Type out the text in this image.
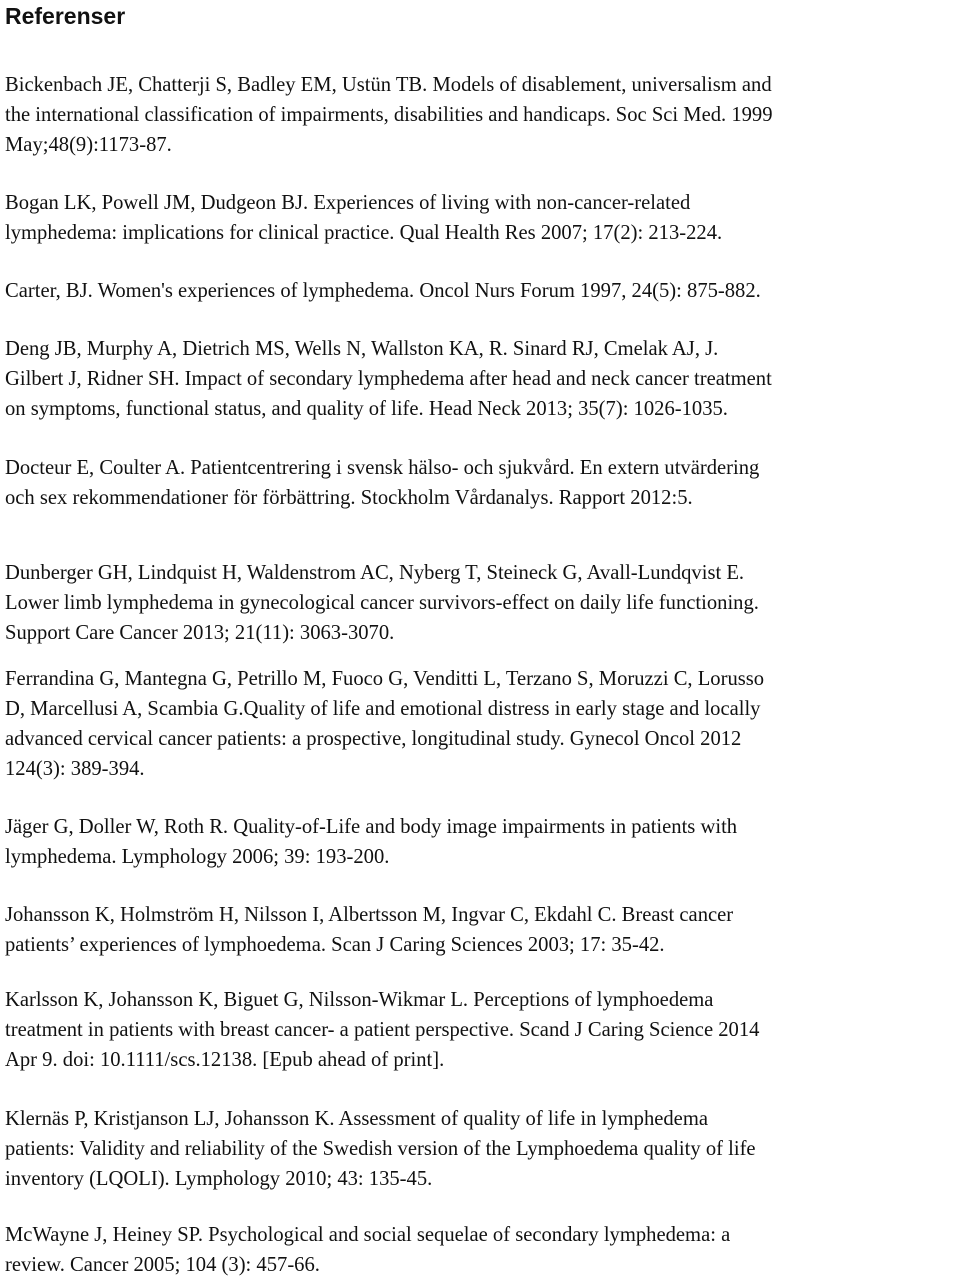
Referenser

Bickenbach JE, Chatterji S, Badley EM, Ustün TB. Models of disablement, universalism and
the international classification of impairments, disabilities and handicaps. Soc Sci Med. 1999
May;48(9):1173-87.

Bogan LK, Powell JM, Dudgeon BJ. Experiences of living with non-cancer-related
lymphedema: implications for clinical practice. Qual Health Res 2007; 17(2): 213-224.

Carter, BJ. Women's experiences of lymphedema. Oncol Nurs Forum 1997, 24(5): 875-882.

Deng JB, Murphy A, Dietrich MS, Wells N, Wallston KA, R. Sinard RJ, Cmelak AJ, J.
Gilbert J, Ridner SH. Impact of secondary lymphedema after head and neck cancer treatment
on symptoms, functional status, and quality of life. Head Neck 2013; 35(7): 1026-1035.

Docteur E, Coulter A. Patientcentrering i svensk hälso- och sjukvård. En extern utvärdering
och sex rekommendationer för förbättring. Stockholm Vårdanalys. Rapport 2012:5.

Dunberger GH, Lindquist H, Waldenstrom AC, Nyberg T, Steineck G, Avall-Lundqvist E.
Lower limb lymphedema in gynecological cancer survivors-effect on daily life functioning.
Support Care Cancer 2013; 21(11): 3063-3070.

Ferrandina G, Mantegna G, Petrillo M, Fuoco G, Venditti L, Terzano S, Moruzzi C, Lorusso
D, Marcellusi A, Scambia G.Quality of life and emotional distress in early stage and locally
advanced cervical cancer patients: a prospective, longitudinal study. Gynecol Oncol 2012
124(3): 389-394.

Jäger G, Doller W, Roth R. Quality-of-Life and body image impairments in patients with
lymphedema. Lymphology 2006; 39: 193-200.

Johansson K, Holmström H, Nilsson I, Albertsson M, Ingvar C, Ekdahl C. Breast cancer
patients’ experiences of lymphoedema. Scan J Caring Sciences 2003; 17: 35-42.

Karlsson K, Johansson K, Biguet G, Nilsson-Wikmar L. Perceptions of lymphoedema
treatment in patients with breast cancer- a patient perspective. Scand J Caring Science 2014
Apr 9. doi: 10.1111/scs.12138. [Epub ahead of print].

Klernäs P, Kristjanson LJ, Johansson K. Assessment of quality of life in lymphedema
patients: Validity and reliability of the Swedish version of the Lymphoedema quality of life
inventory (LQOLI). Lymphology 2010; 43: 135-45.

McWayne J, Heiney SP. Psychological and social sequelae of secondary lymphedema: a
review. Cancer 2005; 104 (3): 457-66.
